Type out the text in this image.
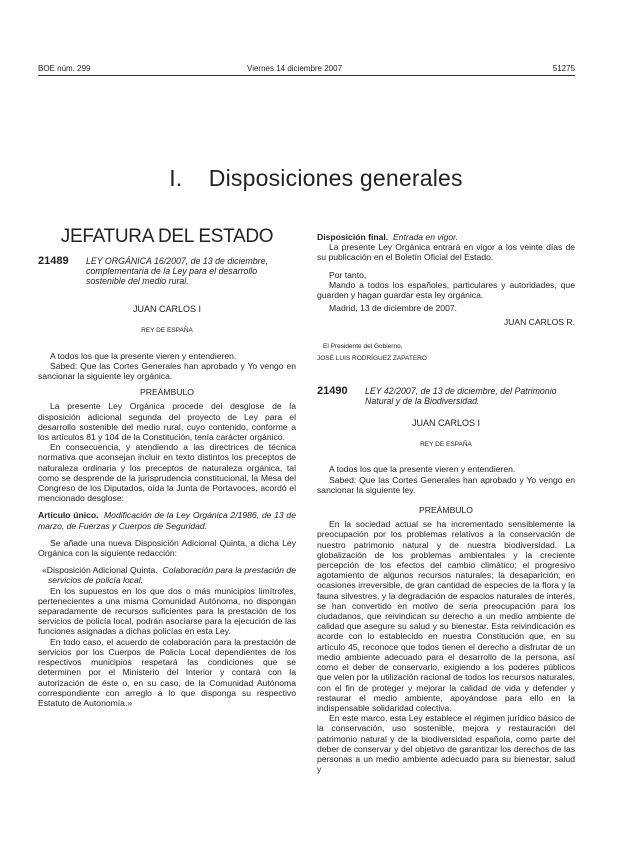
BOE núm. 299	Viernes 14 diciembre 2007	51275
I.    Disposiciones generales
JEFATURA DEL ESTADO
21489	LEY ORGÁNICA 16/2007, de 13 de diciembre, complementaria de la Ley para el desarrollo sostenible del medio rural.
JUAN CARLOS I
REY DE ESPAÑA

A todos los que la presente vieren y entendieren.

Sabed: Que las Cortes Generales han aprobado y Yo vengo en sancionar la siguiente ley orgánica.

PREÁMBULO

La presente Ley Orgánica procede del desglose de la disposición adicional segunda del proyecto de Ley para el desarrollo sostenible del medio rural, cuyo contenido, conforme a los artículos 81 y 104 de la Constitución, tenía carácter orgánico.

En consecuencia, y atendiendo a las directrices de técnica normativa que aconsejan incluir en texto distintos los preceptos de naturaleza ordinaria y los preceptos de naturaleza orgánica, tal como se desprende de la jurisprudencia constitucional, la Mesa del Congreso de los Diputados, oída la Junta de Portavoces, acordó el mencionado desglose:

Artículo único. Modificación de la Ley Orgánica 2/1986, de 13 de marzo, de Fuerzas y Cuerpos de Seguridad.

Se añade una nueva Disposición Adicional Quinta, a dicha Ley Orgánica con la siguiente redacción:

«Disposición Adicional Quinta. Colaboración para la prestación de servicios de policía local.

En los supuestos en los que dos o más municipios limítrofes, pertenecientes a una misma Comunidad Autónoma, no dispongan separadamente de recursos suficientes para la prestación de los servicios de policía local, podrán asociarse para la ejecución de las funciones asignadas a dichas policías en esta Ley.

En todo caso, el acuerdo de colaboración para la prestación de servicios por los Cuerpos de Policía Local dependientes de los respectivos municipios respetará las condiciones que se determinen por el Ministerio del Interior y contará con la autorización de éste o, en su caso, de la Comunidad Autónoma correspondiente con arreglo a lo que disponga su respectivo Estatuto de Autonomía.»

Disposición final. Entrada en vigor.

La presente Ley Orgánica entrará en vigor a los veinte días de su publicación en el Boletín Oficial del Estado.

Por tanto,

Mando a todos los españoles, particulares y autoridades, que guarden y hagan guardar esta ley orgánica.

Madrid, 13 de diciembre de 2007.

JUAN CARLOS R.
El Presidente del Gobierno,
JOSÉ LUIS RODRÍGUEZ ZAPATERO
21490	LEY 42/2007, de 13 de diciembre, del Patrimonio Natural y de la Biodiversidad.
JUAN CARLOS I
REY DE ESPAÑA

A todos los que la presente vieren y entendieren.

Sabed: Que las Cortes Generales han aprobado y Yo vengo en sancionar la siguiente ley.

PREÁMBULO

En la sociedad actual se ha incrementado sensiblemente la preocupación por los problemas relativos a la conservación de nuestro patrimonio natural y de nuestra biodiversidad. La globalización de los problemas ambientales y la creciente percepción de los efectos del cambio climático; el progresivo agotamiento de algunos recursos naturales; la desaparición, en ocasiones irreversible, de gran cantidad de especies de la flora y la fauna silvestres, y la degradación de espacios naturales de interés, se han convertido en motivo de seria preocupación para los ciudadanos, que reivindican su derecho a un medio ambiente de calidad que asegure su salud y su bienestar. Esta reivindicación es acorde con lo establecido en nuestra Constitución que, en su artículo 45, reconoce que todos tienen el derecho a disfrutar de un medio ambiente adecuado para el desarrollo de la persona, así como el deber de conservarlo, exigiendo a los poderes públicos que velen por la utilización racional de todos los recursos naturales, con el fin de proteger y mejorar la calidad de vida y defender y restaurar el medio ambiente, apoyándose para ello en la indispensable solidaridad colectiva.

En este marco, esta Ley establece el régimen jurídico básico de la conservación, uso sostenible, mejora y restauración del patrimonio natural y de la biodiversidad española, como parte del deber de conservar y del objetivo de garantizar los derechos de las personas a un medio ambiente adecuado para su bienestar, salud y
